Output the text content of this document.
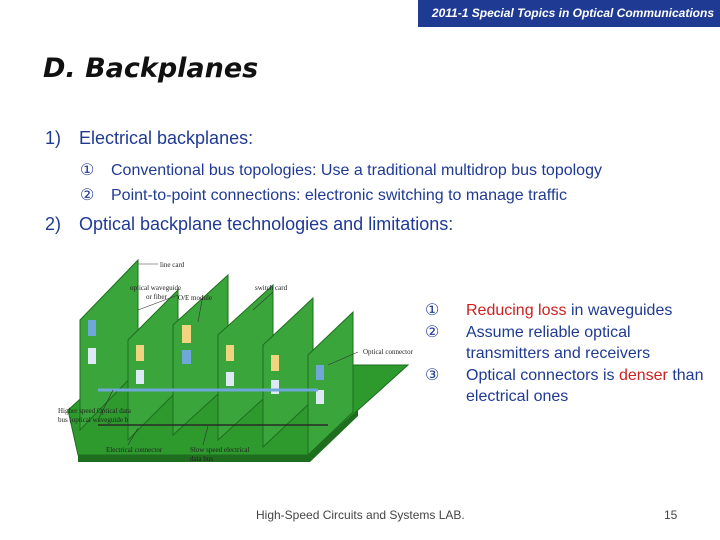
2011-1 Special Topics in Optical Communications
D. Backplanes
1) Electrical backplanes:
① Conventional bus topologies: Use a traditional multidrop bus topology
② Point-to-point connections: electronic switching to manage traffic
2) Optical backplane technologies and limitations:
line card
optical waveguide
or fiber O/E module
switch card
Optical connector
Higher speed Optical data
bus (optical waveguide b
Electrical connector	Slow speed electrical
data bus
① Reducing loss in waveguides
② Assume reliable optical transmitters and receivers
③ Optical connectors is denser than electrical ones
High-Speed Circuits and Systems LAB.	15
